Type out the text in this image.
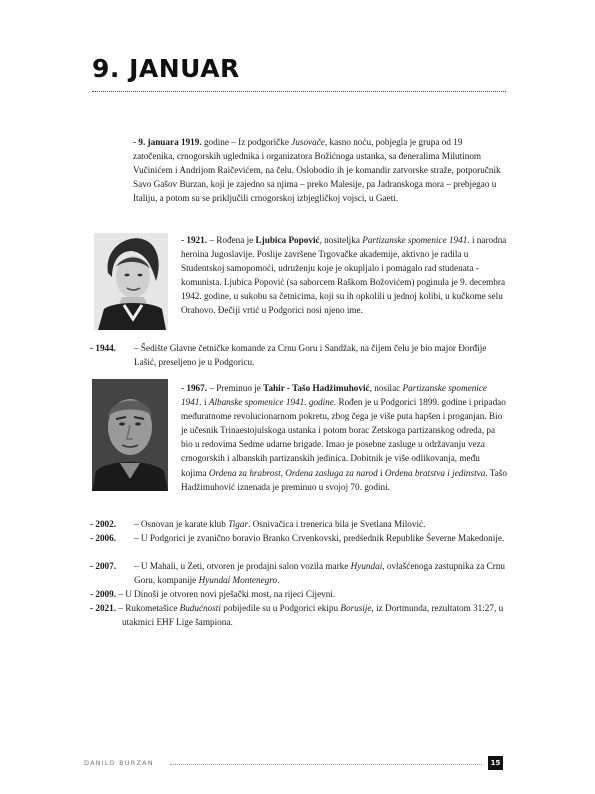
9. JANUAR
- 9. januara 1919. godine – Iz podgoričke Jusovače, kasno noću, pobjegla je grupa od 19 zatočenika, crnogorskih uglednika i organizatora Božićnoga ustanka, sa đeneralima Milutinom Vučinićem i Andrijom Raičevićem, na čelu. Oslobodio ih je komandir zatvorske straže, potporučnik Savo Gašov Burzan, koji je zajedno sa njima – preko Malesije, pa Jadranskoga mora – prebjegao u Italiju, a potom su se priključili crnogorskoj izbjegličkoj vojsci, u Gaeti.
- 1921. – Rođena je Ljubica Popović, nositeljka Partizanske spomenice 1941. i narodna heroina Jugoslavije. Poslije završene Trgovačke akademije, aktivno je radila u Studentskoj samopomoći, udruženju koje je okupljalo i pomagalo rad studenata - komunista. Ljubica Popović (sa saborcem Raškom Božovićem) poginula je 9. decembra 1942. godine, u sukobu sa četnicima, koji su ih opkolili u jednoj kolibi, u kučkome selu Orahovo. Đečiji vrtić u Podgorici nosi njeno ime.
- 1944. – Šedište Glavne četničke komande za Crnu Goru i Sandžak, na čijem čelu je bio major Đorđije Lašić, preseljeno je u Podgoricu.
- 1967. – Preminuo je Tahir - Tašo Hadžimuhović, nosilac Partizanske spomenice 1941. i Albanske spomenice 1941. godine. Rođen je u Podgorici 1899. godine i pripadao međuratnome revolucionarnom pokretu, zbog čega je više puta hapšen i proganjan. Bio je učesnik Trinaestojulskoga ustanka i potom borac Zetskoga partizanskog odreda, pa bio u redovima Sedme udarne brigade. Imao je posebne zasluge u održavanju veza crnogorskih i albanskih partizanskih jedinica. Dobitnik je više odlikovanja, među kojima Ordena za hrabrost, Ordena zasluga za narod i Ordena bratstva i jedinstva. Tašo Hadžimuhović iznenada je preminuo u svojoj 70. godini.
- 2002. – Osnovan je karate klub Tigar. Osnivačica i trenerica bila je Svetlana Milović.
- 2006. – U Podgorici je zvanično boravio Branko Crvenkovski, predśednik Republike Śeverne Makedonije.
- 2007. – U Mahali, u Zeti, otvoren je prodajni salon vozila marke Hyundai, ovlašćenoga zastupnika za Crnu Goru, kompanije Hyundai Montenegro.
- 2009. – U Dinoši je otvoren novi pješački most, na rijeci Cijevni.
- 2021. – Rukometašice Budućnosti pobijedile su u Podgorici ekipu Borusije, iz Dortmunda, rezultatom 31:27, u utakmici EHF Lige šampiona.
DANILO BURZAN	15
